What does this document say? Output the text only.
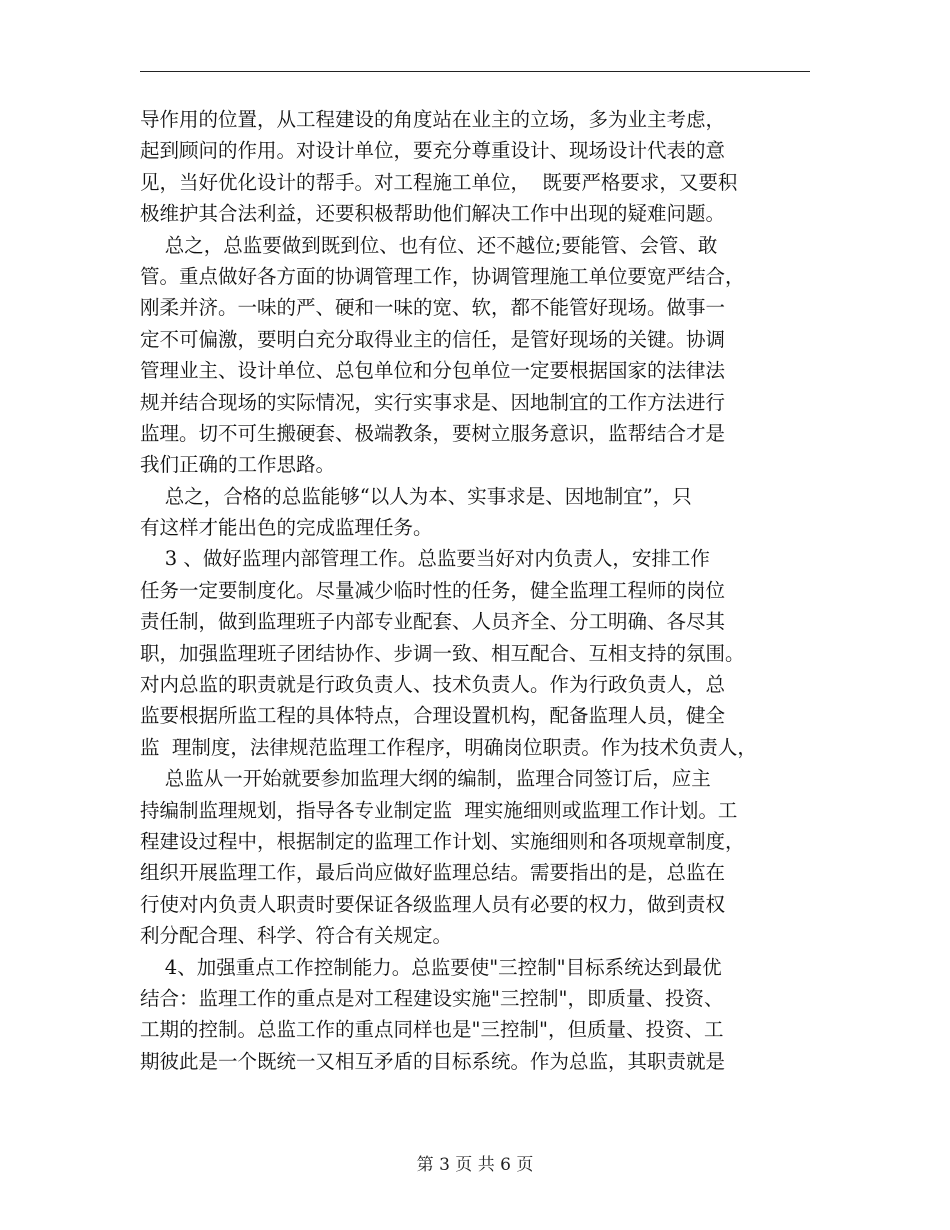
导作用的位置，从工程建设的角度站在业主的立场，多为业主考虑，
起到顾问的作用。对设计单位，要充分尊重设计、现场设计代表的意
见，当好优化设计的帮手。对工程施工单位，  既要严格要求，又要积
极维护其合法利益，还要积极帮助他们解决工作中出现的疑难问题。
总之，总监要做到既到位、也有位、还不越位;要能管、会管、敢
管。重点做好各方面的协调管理工作，协调管理施工单位要宽严结合，
刚柔并济。一味的严、硬和一味的宽、软，都不能管好现场。做事一
定不可偏激，要明白充分取得业主的信任，是管好现场的关键。协调
管理业主、设计单位、总包单位和分包单位一定要根据国家的法律法
规并结合现场的实际情况，实行实事求是、因地制宜的工作方法进行
监理。切不可生搬硬套、极端教条，要树立服务意识，监帮结合才是
我们正确的工作思路。
总之，合格的总监能够“以人为本、实事求是、因地制宜”，只
有这样才能出色的完成监理任务。
3 、做好监理内部管理工作。总监要当好对内负责人，安排工作
任务一定要制度化。尽量减少临时性的任务，健全监理工程师的岗位
责任制，做到监理班子内部专业配套、人员齐全、分工明确、各尽其
职，加强监理班子团结协作、步调一致、相互配合、互相支持的氛围。
对内总监的职责就是行政负责人、技术负责人。作为行政负责人，总
监要根据所监工程的具体特点，合理设置机构，配备监理人员，健全
监  理制度，法律规范监理工作程序，明确岗位职责。作为技术负责人，
总监从一开始就要参加监理大纲的编制，监理合同签订后，应主
持编制监理规划，指导各专业制定监  理实施细则或监理工作计划。工
程建设过程中，根据制定的监理工作计划、实施细则和各项规章制度，
组织开展监理工作，最后尚应做好监理总结。需要指出的是，总监在
行使对内负责人职责时要保证各级监理人员有必要的权力，做到责权
利分配合理、科学、符合有关规定。
4、加强重点工作控制能力。总监要使"三控制"目标系统达到最优
结合：监理工作的重点是对工程建设实施"三控制"，即质量、投资、
工期的控制。总监工作的重点同样也是"三控制"，但质量、投资、工
期彼此是一个既统一又相互矛盾的目标系统。作为总监，其职责就是
第 3 页 共 6 页
